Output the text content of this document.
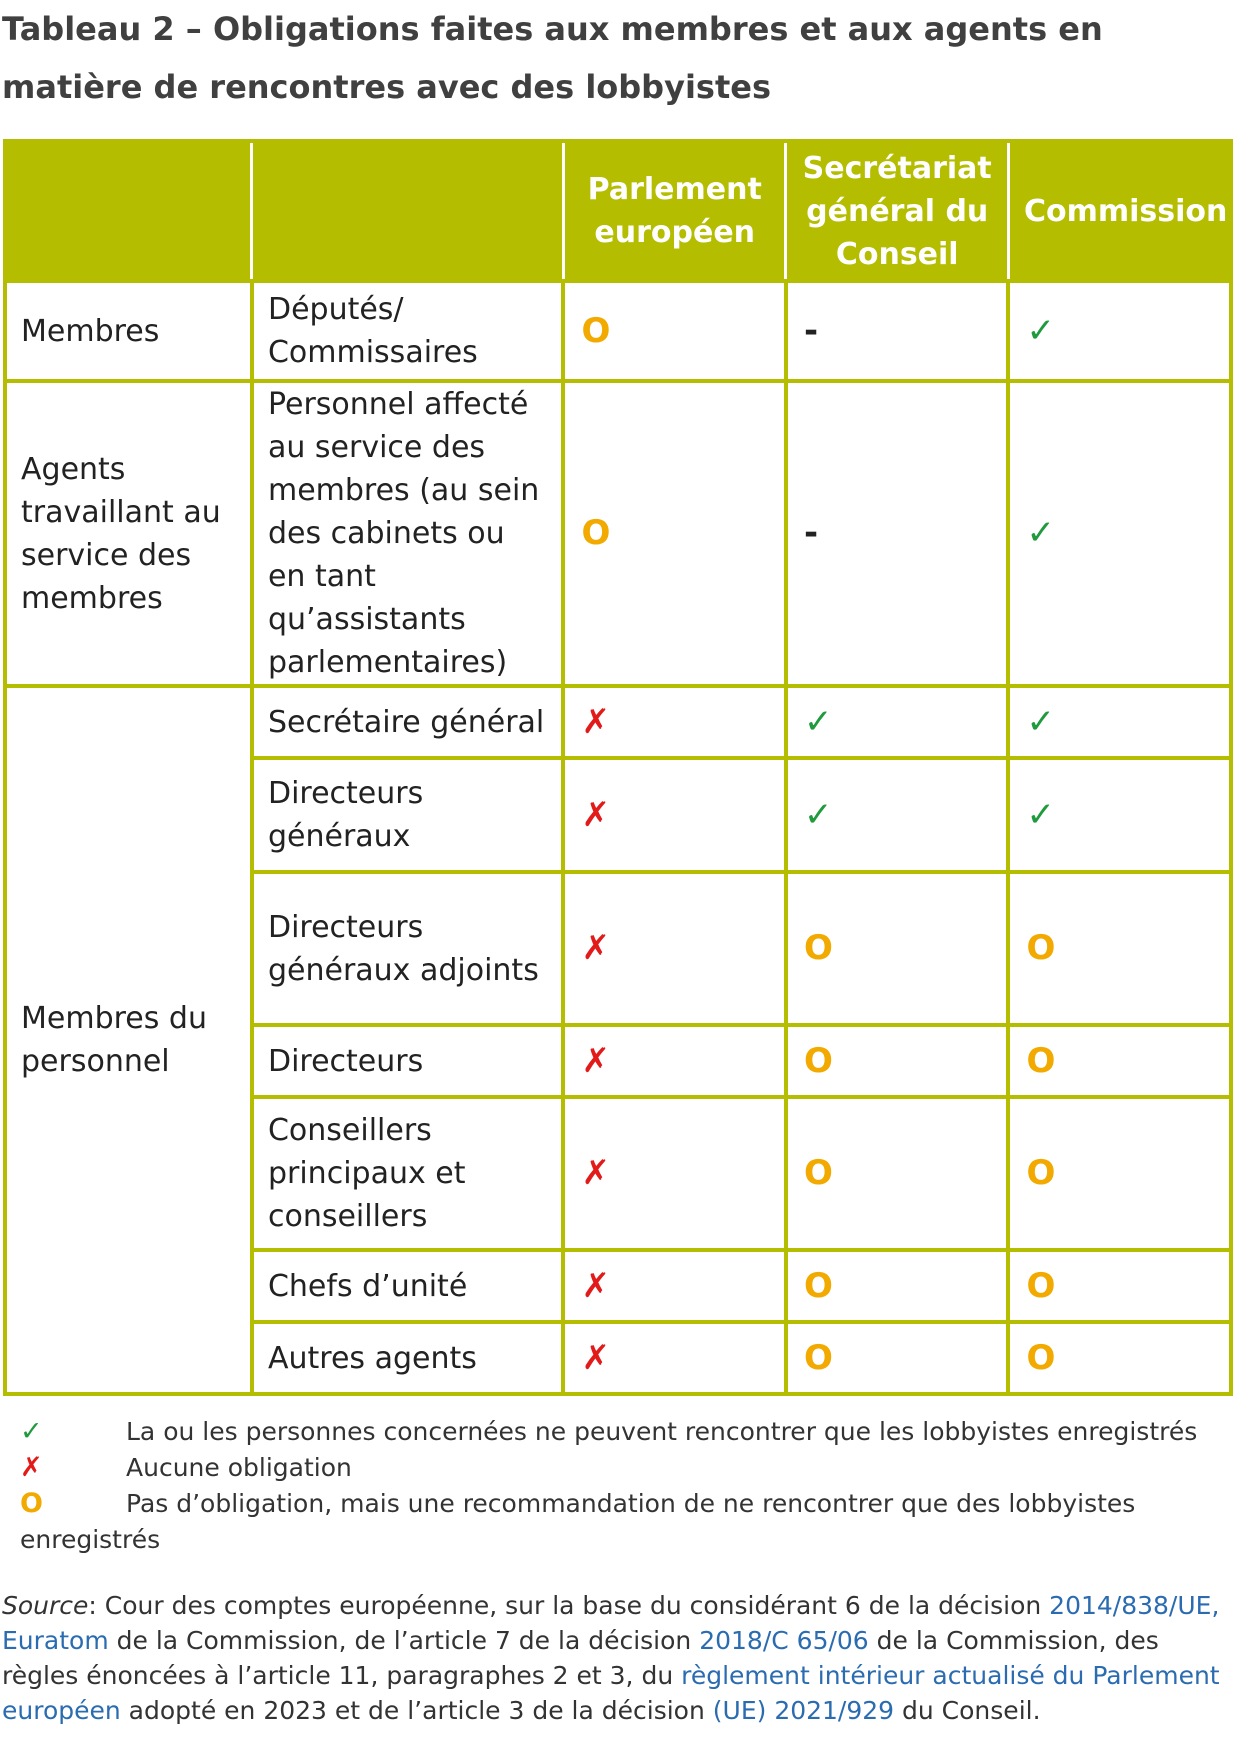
Tableau 2 – Obligations faites aux membres et aux agents en matière de rencontres avec des lobbyistes
		Parlement européen	Secrétariat général du Conseil	Commission
Membres	Députés/ Commissaires	O	-	✓
Agents travaillant au service des membres	Personnel affecté au service des membres (au sein des cabinets ou en tant qu’assistants parlementaires)	O	-	✓
Membres du personnel	Secrétaire général	✗	✓	✓
	Directeurs généraux	✗	✓	✓
	Directeurs généraux adjoints	✗	O	O
	Directeurs	✗	O	O
	Conseillers principaux et conseillers	✗	O	O
	Chefs d’unité	✗	O	O
	Autres agents	✗	O	O
✓	La ou les personnes concernées ne peuvent rencontrer que les lobbyistes enregistrés
✗	Aucune obligation
O	Pas d’obligation, mais une recommandation de ne rencontrer que des lobbyistes
enregistrés
Source: Cour des comptes européenne, sur la base du considérant 6 de la décision 2014/838/UE, Euratom de la Commission, de l’article 7 de la décision 2018/C 65/06 de la Commission, des règles énoncées à l’article 11, paragraphes 2 et 3, du règlement intérieur actualisé du Parlement européen adopté en 2023 et de l’article 3 de la décision (UE) 2021/929 du Conseil.
